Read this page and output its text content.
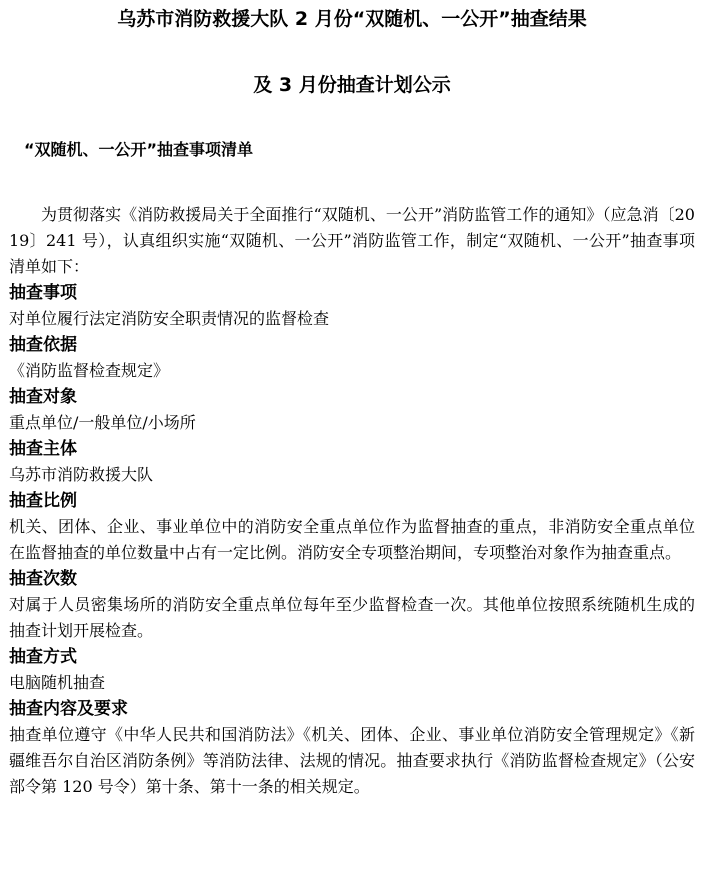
乌苏市消防救援大队 2 月份“双随机、一公开”抽查结果
及 3 月份抽查计划公示
“双随机、一公开”抽查事项清单

为贯彻落实《消防救援局关于全面推行“双随机、一公开”消防监管工作的通知》（应急消〔2019〕241 号），认真组织实施“双随机、一公开”消防监管工作，制定“双随机、一公开”抽查事项清单如下：

抽查事项

对单位履行法定消防安全职责情况的监督检查

抽查依据

《消防监督检查规定》

抽查对象

重点单位/一般单位/小场所

抽查主体

乌苏市消防救援大队

抽查比例

机关、团体、企业、事业单位中的消防安全重点单位作为监督抽查的重点，非消防安全重点单位在监督抽查的单位数量中占有一定比例。消防安全专项整治期间，专项整治对象作为抽查重点。

抽查次数

对属于人员密集场所的消防安全重点单位每年至少监督检查一次。其他单位按照系统随机生成的抽查计划开展检查。

抽查方式

电脑随机抽查

抽查内容及要求

抽查单位遵守《中华人民共和国消防法》《机关、团体、企业、事业单位消防安全管理规定》《新疆维吾尔自治区消防条例》等消防法律、法规的情况。抽查要求执行《消防监督检查规定》（公安部令第 120 号令）第十条、第十一条的相关规定。
